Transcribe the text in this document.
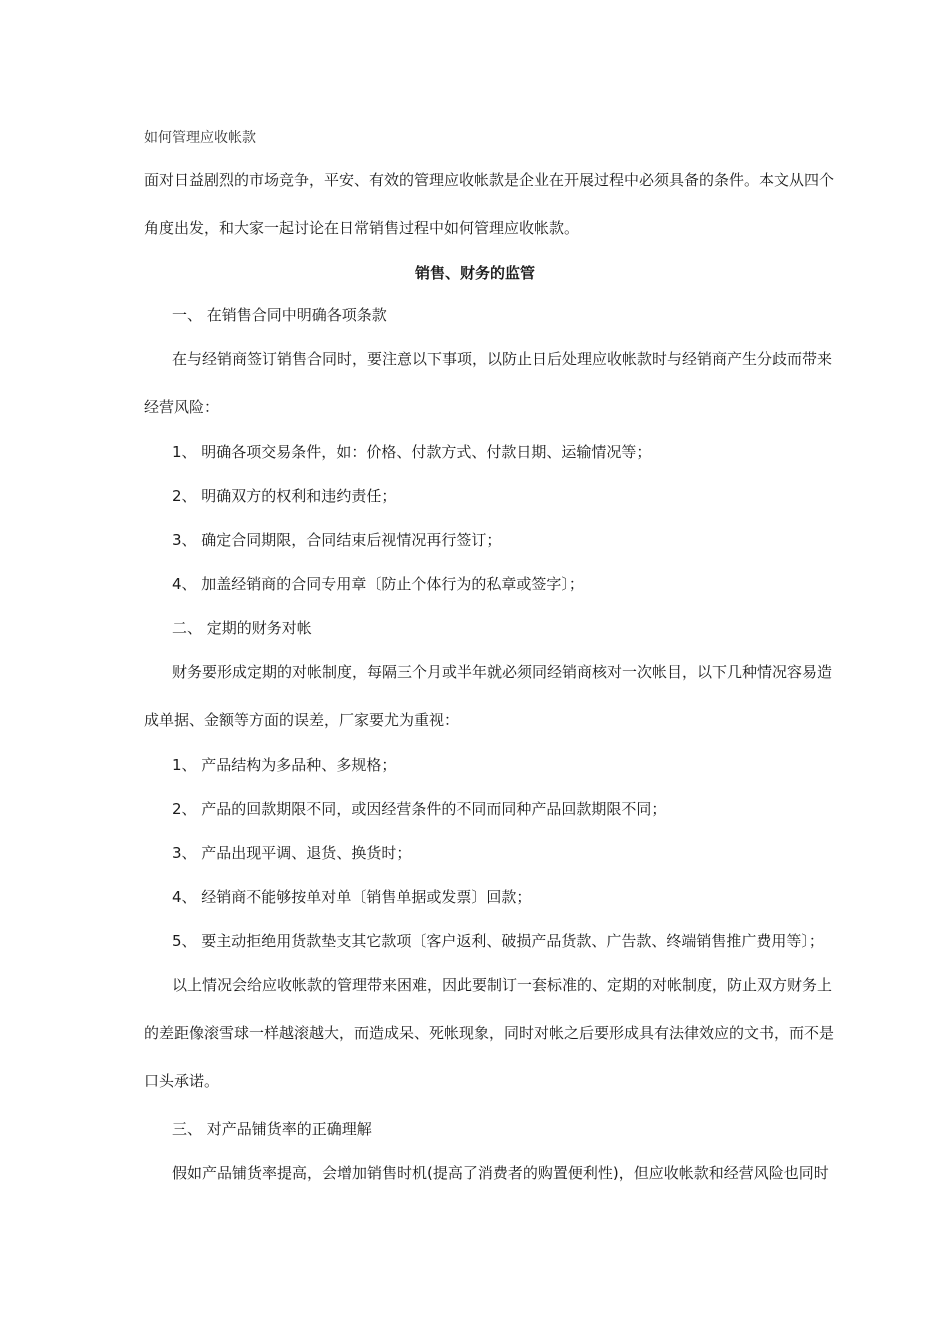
如何管理应收帐款
面对日益剧烈的市场竞争，平安、有效的管理应收帐款是企业在开展过程中必须具备的条件。本文从四个
角度出发，和大家一起讨论在日常销售过程中如何管理应收帐款。
销售、财务的监管
一、 在销售合同中明确各项条款
在与经销商签订销售合同时，要注意以下事项，以防止日后处理应收帐款时与经销商产生分歧而带来
经营风险：
1、 明确各项交易条件，如：价格、付款方式、付款日期、运输情况等；
2、 明确双方的权利和违约责任；
3、 确定合同期限，合同结束后视情况再行签订；
4、 加盖经销商的合同专用章〔防止个体行为的私章或签字〕；
二、 定期的财务对帐
财务要形成定期的对帐制度，每隔三个月或半年就必须同经销商核对一次帐目，以下几种情况容易造
成单据、金额等方面的误差，厂家要尤为重视：
1、 产品结构为多品种、多规格；
2、 产品的回款期限不同，或因经营条件的不同而同种产品回款期限不同；
3、 产品出现平调、退货、换货时；
4、 经销商不能够按单对单〔销售单据或发票〕回款；
5、 要主动拒绝用货款垫支其它款项〔客户返利、破损产品货款、广告款、终端销售推广费用等〕；
以上情况会给应收帐款的管理带来困难，因此要制订一套标准的、定期的对帐制度，防止双方财务上
的差距像滚雪球一样越滚越大，而造成呆、死帐现象，同时对帐之后要形成具有法律效应的文书，而不是
口头承诺。
三、 对产品铺货率的正确理解
假如产品铺货率提高，会增加销售时机(提高了消费者的购置便利性)，但应收帐款和经营风险也同时
